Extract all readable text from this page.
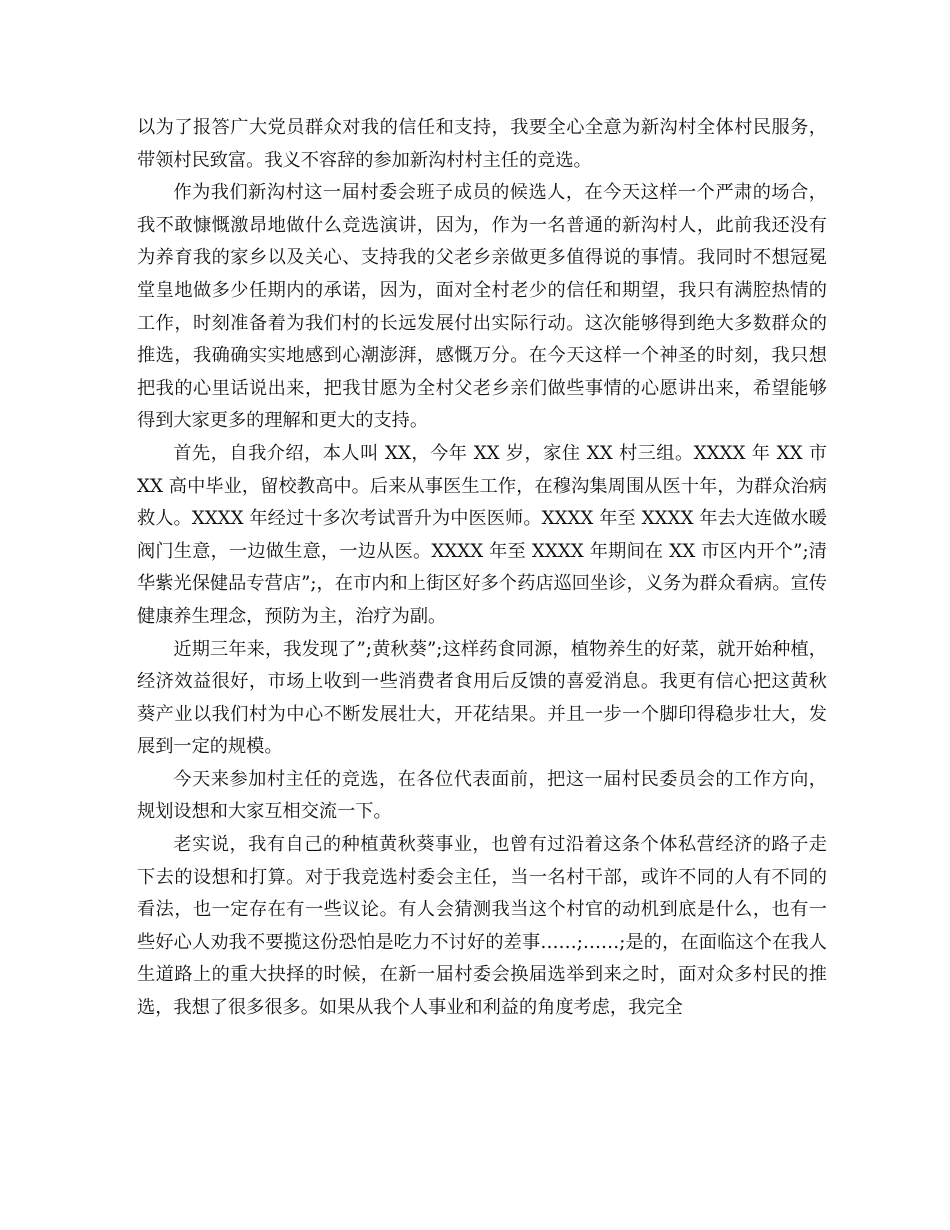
以为了报答广大党员群众对我的信任和支持，我要全心全意为新沟村全体村民服务，带领村民致富。我义不容辞的参加新沟村村主任的竞选。

作为我们新沟村这一届村委会班子成员的候选人，在今天这样一个严肃的场合，我不敢慷慨激昂地做什么竞选演讲，因为，作为一名普通的新沟村人，此前我还没有为养育我的家乡以及关心、支持我的父老乡亲做更多值得说的事情。我同时不想冠冕堂皇地做多少任期内的承诺，因为，面对全村老少的信任和期望，我只有满腔热情的工作，时刻准备着为我们村的长远发展付出实际行动。这次能够得到绝大多数群众的推选，我确确实实地感到心潮澎湃，感慨万分。在今天这样一个神圣的时刻，我只想把我的心里话说出来，把我甘愿为全村父老乡亲们做些事情的心愿讲出来，希望能够得到大家更多的理解和更大的支持。

首先，自我介绍，本人叫 XX，今年 XX 岁，家住 XX 村三组。XXXX 年 XX 市 XX 高中毕业，留校教高中。后来从事医生工作，在穆沟集周围从医十年，为群众治病救人。XXXX 年经过十多次考试晋升为中医医师。XXXX 年至 XXXX 年去大连做水暖阀门生意，一边做生意，一边从医。XXXX 年至 XXXX 年期间在 XX 市区内开个”;清华紫光保健品专营店”;，在市内和上街区好多个药店巡回坐诊，义务为群众看病。宣传健康养生理念，预防为主，治疗为副。

近期三年来，我发现了”;黄秋葵”;这样药食同源，植物养生的好菜，就开始种植，经济效益很好，市场上收到一些消费者食用后反馈的喜爱消息。我更有信心把这黄秋葵产业以我们村为中心不断发展壮大，开花结果。并且一步一个脚印得稳步壮大，发展到一定的规模。

今天来参加村主任的竞选，在各位代表面前，把这一届村民委员会的工作方向，规划设想和大家互相交流一下。

老实说，我有自己的种植黄秋葵事业，也曾有过沿着这条个体私营经济的路子走下去的设想和打算。对于我竞选村委会主任，当一名村干部，或许不同的人有不同的看法，也一定存在有一些议论。有人会猜测我当这个村官的动机到底是什么，也有一些好心人劝我不要揽这份恐怕是吃力不讨好的差事……;……;是的，在面临这个在我人生道路上的重大抉择的时候，在新一届村委会换届选举到来之时，面对众多村民的推选，我想了很多很多。如果从我个人事业和利益的角度考虑，我完全
